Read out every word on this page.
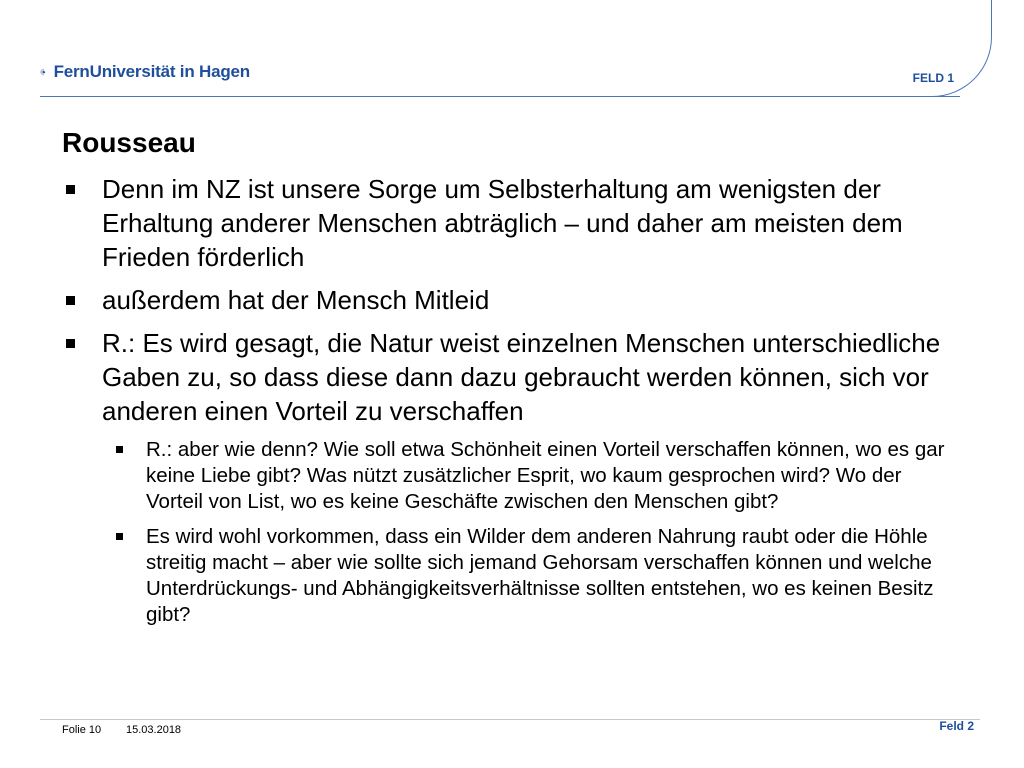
FernUniversität in Hagen	FELD 1
Rousseau
Denn im NZ ist unsere Sorge um Selbsterhaltung am wenigsten der Erhaltung anderer Menschen abträglich – und daher am meisten dem Frieden förderlich
außerdem hat der Mensch Mitleid
R.: Es wird gesagt, die Natur weist einzelnen Menschen unterschiedliche Gaben zu, so dass diese dann dazu gebraucht werden können, sich vor anderen einen Vorteil zu verschaffen
R.: aber wie denn? Wie soll etwa Schönheit einen Vorteil verschaffen können, wo es gar keine Liebe gibt? Was nützt zusätzlicher Esprit, wo kaum gesprochen wird? Wo der Vorteil von List, wo es keine Geschäfte zwischen den Menschen gibt?
Es wird wohl vorkommen, dass ein Wilder dem anderen Nahrung raubt oder die Höhle streitig macht – aber wie sollte sich jemand Gehorsam verschaffen können und welche Unterdrückungs- und Abhängigkeitsverhältnisse sollten entstehen, wo es keinen Besitz gibt?
Folie 10 15.03.2018	Feld 2
